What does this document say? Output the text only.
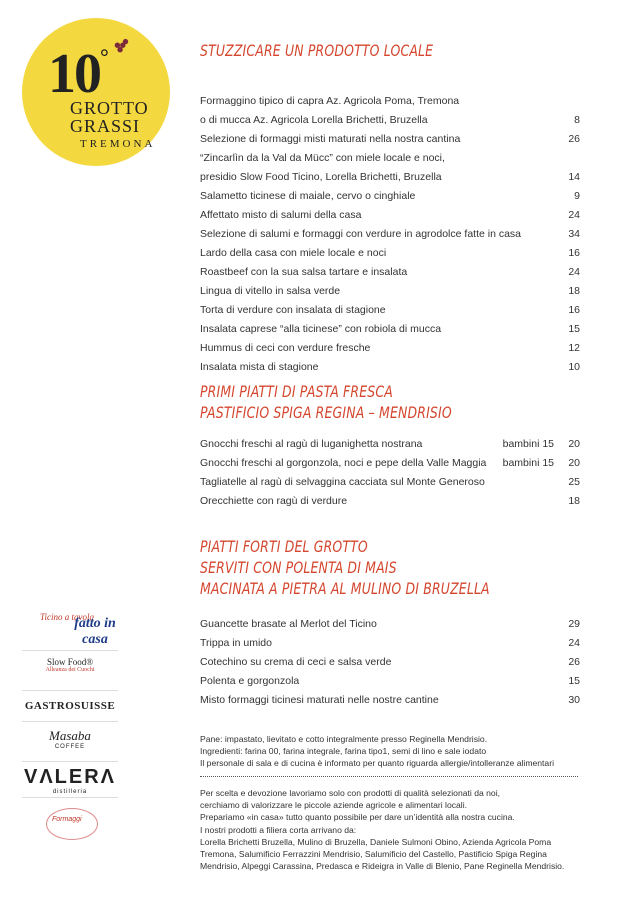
10°
GROTTO
GRASSI
TREMONA
STUZZICARE UN PRODOTTO LOCALE
Formaggino tipico di capra Az. Agricola Poma, Tremona
o di mucca Az. Agricola Lorella Brichetti, Bruzella	8
Selezione di formaggi misti maturati nella nostra cantina	26
“Zincarlìn da la Val da Mücc” con miele locale e noci,
presidio Slow Food Ticino, Lorella Brichetti, Bruzella	14
Salametto ticinese di maiale, cervo o cinghiale	9
Affettato misto di salumi della casa	24
Selezione di salumi e formaggi con verdure in agrodolce fatte in casa	34
Lardo della casa con miele locale e noci	16
Roastbeef con la sua salsa tartare e insalata	24
Lingua di vitello in salsa verde	18
Torta di verdure con insalata di stagione	16
Insalata caprese “alla ticinese” con robiola di mucca	15
Hummus di ceci con verdure fresche	12
Insalata mista di stagione	10
PRIMI PIATTI DI PASTA FRESCA
PASTIFICIO SPIGA REGINA – MENDRISIO
Gnocchi freschi al ragù di luganighetta nostrana	bambini 15 20
Gnocchi freschi al gorgonzola, noci e pepe della Valle Maggia bambini 15 20
Tagliatelle al ragù di selvaggina cacciata sul Monte Generoso	25
Orecchiette con ragù di verdure	18
PIATTI FORTI DEL GROTTO
SERVITI CON POLENTA DI MAIS
MACINATA A PIETRA AL MULINO DI BRUZELLA
Guancette brasate al Merlot del Ticino	29
Trippa in umido	24
Cotechino su crema di ceci e salsa verde	26
Polenta e gorgonzola	15
Misto formaggi ticinesi maturati nelle nostre cantine	30
Ticino a tavola
fatto in casa
Slow Food®
Alleanza dei Cuochi
GASTROSUISSE
Masaba
COFFEE
VΛLERΛ
distilleria
Formaggi
Pane: impastato, lievitato e cotto integralmente presso Reginella Mendrisio.
Ingredienti: farina 00, farina integrale, farina tipo1, semi di lino e sale iodato
Il personale di sala e di cucina è informato per quanto riguarda allergie/intolleranze alimentari
Per scelta e devozione lavoriamo solo con prodotti di qualità selezionati da noi,
cerchiamo di valorizzare le piccole aziende agricole e alimentari locali.
Prepariamo «in casa» tutto quanto possibile per dare un’identità alla nostra cucina.
I nostri prodotti a filiera corta arrivano da:
Lorella Brichetti Bruzella, Mulino di Bruzella, Daniele Sulmoni Obino, Azienda Agricola Poma
Tremona, Salumificio Ferrazzini Mendrisio, Salumificio del Castello, Pastificio Spiga Regina
Mendrisio, Alpeggi Carassina, Predasca e Rideigra in Valle di Blenio, Pane Reginella Mendrisio.
